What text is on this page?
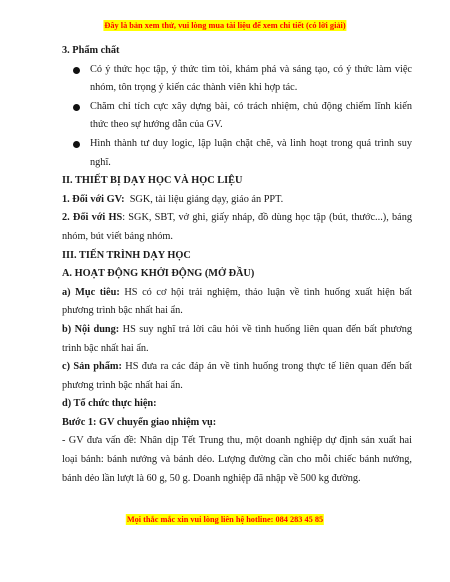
Đây là bản xem thử, vui lòng mua tài liệu để xem chi tiết (có lời giải)

3. Phẩm chất

Có ý thức học tập, ý thức tìm tòi, khám phá và sáng tạo, có ý thức làm việc nhóm, tôn trọng ý kiến các thành viên khi hợp tác.

Chăm chỉ tích cực xây dựng bài, có trách nhiệm, chủ động chiếm lĩnh kiến thức theo sự hướng dẫn của GV.

Hình thành tư duy logic, lập luận chặt chẽ, và linh hoạt trong quá trình suy nghĩ.

II. THIẾT BỊ DẠY HỌC VÀ HỌC LIỆU

1. Đối với GV: SGK, tài liệu giảng dạy, giáo án PPT.

2. Đối với HS: SGK, SBT, vở ghi, giấy nháp, đồ dùng học tập (bút, thước...), bảng nhóm, bút viết bảng nhóm.

III. TIẾN TRÌNH DẠY HỌC

A. HOẠT ĐỘNG KHỞI ĐỘNG (MỞ ĐẦU)

a) Mục tiêu: HS có cơ hội trải nghiệm, thảo luận về tình huống xuất hiện bất phương trình bậc nhất hai ẩn.

b) Nội dung: HS suy nghĩ trả lời câu hỏi về tình huống liên quan đến bất phương trình bậc nhất hai ẩn.

c) Sản phẩm: HS đưa ra các đáp án về tình huống trong thực tế liên quan đến bất phương trình bậc nhất hai ẩn.

d) Tổ chức thực hiện:

Bước 1: GV chuyển giao nhiệm vụ:

- GV đưa vấn đề: Nhân dịp Tết Trung thu, một doanh nghiệp dự định sản xuất hai loại bánh: bánh nướng và bánh dẻo. Lượng đường cần cho mỗi chiếc bánh nướng, bánh dẻo lần lượt là 60 g, 50 g. Doanh nghiệp đã nhập về 500 kg đường.

Mọi thắc mắc xin vui lòng liên hệ hotline: 084 283 45 85
